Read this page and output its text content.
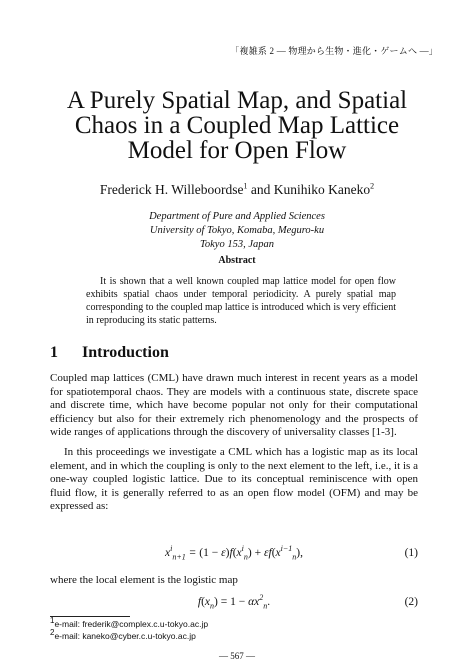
「複雑系 2 ― 物理から生物・進化・ゲームへ ―」
A Purely Spatial Map, and Spatial
Chaos in a Coupled Map Lattice
Model for Open Flow
Frederick H. Willeboordse$^1$ and Kunihiko Kaneko$^2$
Department of Pure and Applied Sciences
University of Tokyo, Komaba, Meguro-ku
Tokyo 153, Japan
Abstract
It is shown that a well known coupled map lattice model for open flow exhibits spatial chaos under temporal periodicity. A purely spatial map corresponding to the coupled map lattice is introduced which is very efficient in reproducing its static patterns.
1 Introduction

Coupled map lattices (CML) have drawn much interest in recent years as a model for spatiotemporal chaos. They are models with a continuous state, discrete space and discrete time, which have become popular not only for their computational efficiency but also for their extremely rich phenomenology and the prospects of wide ranges of applications through the discovery of universality classes [1-3].

In this proceedings we investigate a CML which has a logistic map as its local element, and in which the coupling is only to the next element to the left, i.e., it is a one-way coupled logistic lattice. Due to its conceptual reminiscence with open fluid flow, it is generally referred to as an open flow model (OFM) and may be expressed as:

$x^i_{n+1} = (1 - \varepsilon)f(x^i_n) + \varepsilon f(x^{i-1}_n)$,	(1)
where the local element is the logistic map
$f(x_n) = 1 - \alpha x^2_n$.	(2)
$^1$e-mail: frederik@complex.c.u-tokyo.ac.jp
$^2$e-mail: kaneko@cyber.c.u-tokyo.ac.jp
― 567 ―
